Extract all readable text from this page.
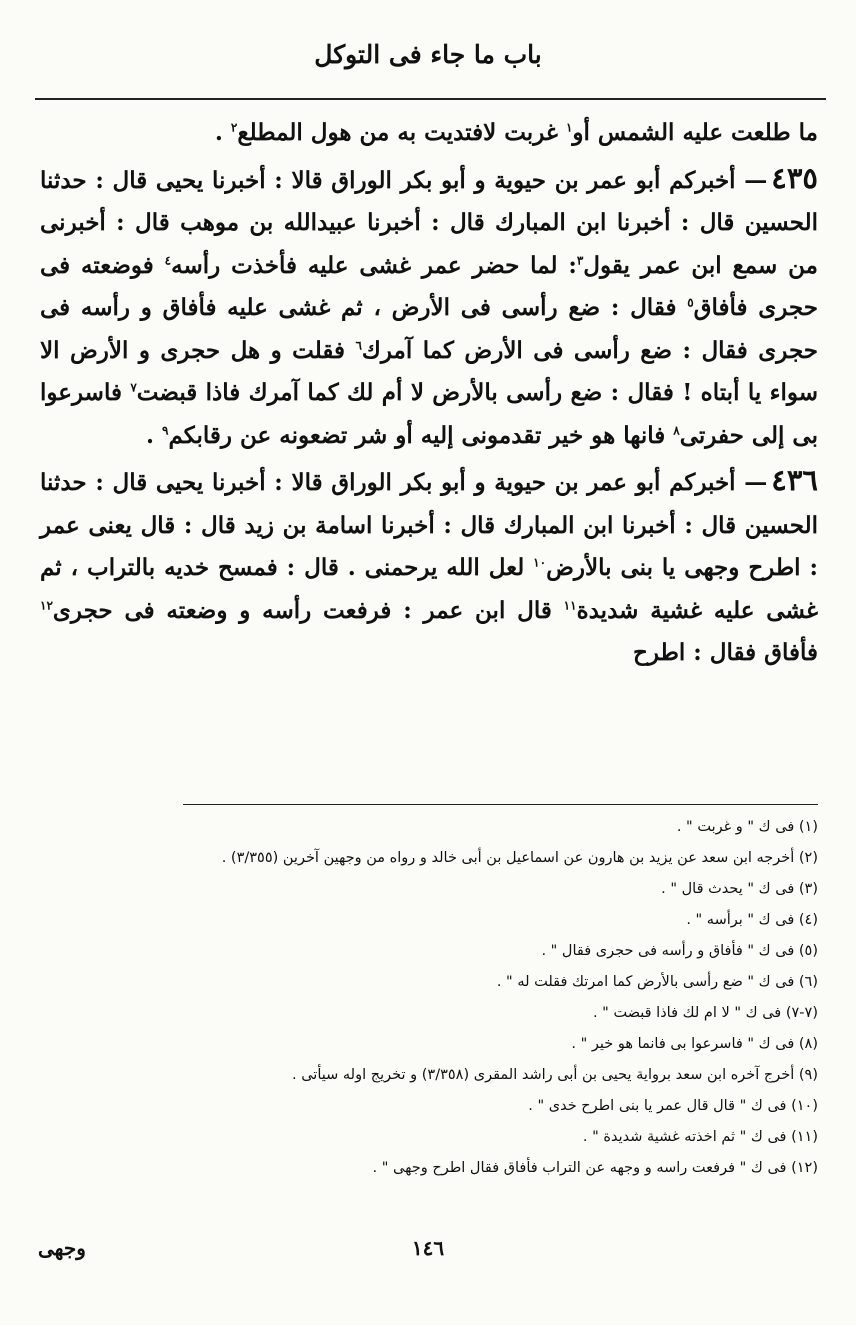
باب ما جاء فى التوكل

ما طلعت عليه الشمس أو$^١$ غربت لافتديت به من هول المطلع$^٢$ .

٤٣٥— أخبركم أبو عمر بن حيوية و أبو بكر الوراق قالا : أخبرنا يحيى قال : حدثنا الحسين قال : أخبرنا ابن المبارك قال : أخبرنا عبيدالله بن موهب قال : أخبرنى من سمع ابن عمر يقول$^٣$: لما حضر عمر غشى عليه فأخذت رأسه$^٤$ فوضعته فى حجرى فأفاق$^٥$ فقال : ضع رأسى فى الأرض ، ثم غشى عليه فأفاق و رأسه فى حجرى فقال : ضع رأسى فى الأرض كما آمرك$^٦$ فقلت و هل حجرى و الأرض الا سواء يا أبتاه ! فقال : ضع رأسى بالأرض لا أم لك كما آمرك فاذا قبضت$^٧$ فاسرعوا بى إلى حفرتى$^٨$ فانها هو خير تقدمونى إليه أو شر تضعونه عن رقابكم$^٩$ .

٤٣٦— أخبركم أبو عمر بن حيوية و أبو بكر الوراق قالا : أخبرنا يحيى قال : حدثنا الحسين قال : أخبرنا ابن المبارك قال : أخبرنا اسامة بن زيد قال : قال يعنى عمر : اطرح وجهى يا بنى بالأرض$^{١٠}$ لعل الله يرحمنى . قال : فمسح خديه بالتراب ، ثم غشى عليه غشية شديدة$^{١١}$ قال ابن عمر : فرفعت رأسه و وضعته فى حجرى$^{١٢}$ فأفاق فقال : اطرح

(١) فى ك " و غربت " .
(٢) أخرجه ابن سعد عن يزيد بن هارون عن اسماعيل بن أبى خالد و رواه من وجهين آخرين (٣/٣٥٥) .
(٣) فى ك " يحدث قال " .
(٤) فى ك " برأسه " .
(٥) فى ك " فأفاق و رأسه فى حجرى فقال " .
(٦) فى ك " ضع رأسى بالأرض كما امرتك فقلت له " .
(٧-٧) فى ك " لا ام لك فاذا قبضت " .
(٨) فى ك " فاسرعوا بى فانما هو خير " .
(٩) أخرج آخره ابن سعد برواية يحيى بن أبى راشد المقرى (٣/٣٥٨) و تخريج اوله سيأتى .
(١٠) فى ك " قال قال عمر يا بنى اطرح خدى " .
(١١) فى ك " ثم اخذته غشية شديدة " .
(١٢) فى ك " فرفعت راسه و وجهه عن التراب فأفاق فقال اطرح وجهى " .
١٤٦
وجهى
